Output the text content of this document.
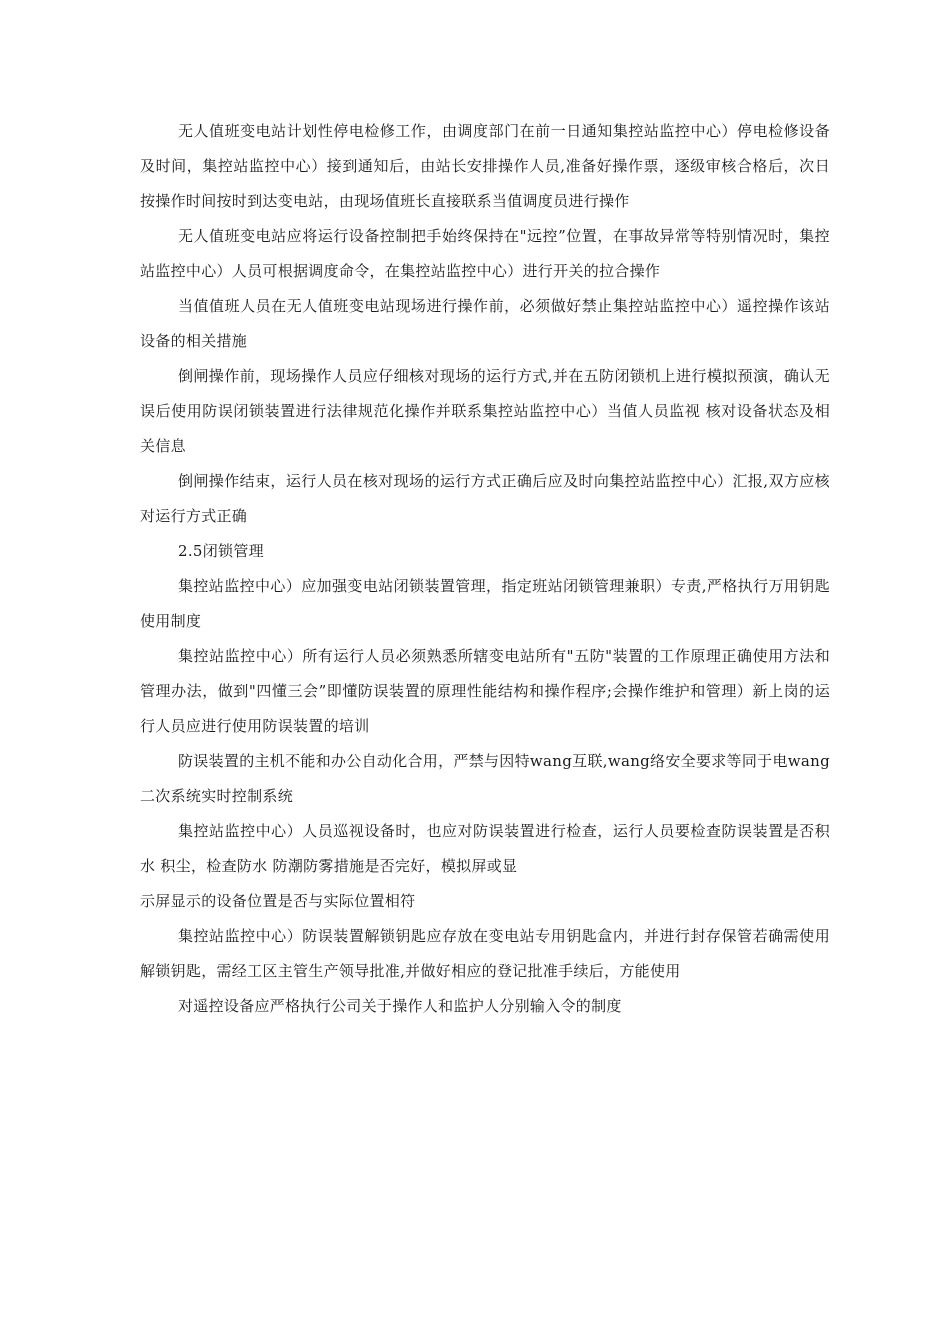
无人值班变电站计划性停电检修工作，由调度部门在前一日通知集控站监控中心）停电检修设备及时间，集控站监控中心）接到通知后，由站长安排操作人员,准备好操作票，逐级审核合格后，次日按操作时间按时到达变电站，由现场值班长直接联系当值调度员进行操作

无人值班变电站应将运行设备控制把手始终保持在"远控”位置，在事故异常等特别情况时，集控站监控中心）人员可根据调度命令，在集控站监控中心）进行开关的拉合操作

当值值班人员在无人值班变电站现场进行操作前，必须做好禁止集控站监控中心）遥控操作该站设备的相关措施

倒闸操作前，现场操作人员应仔细核对现场的运行方式,并在五防闭锁机上进行模拟预演，确认无误后使用防误闭锁装置进行法律规范化操作并联系集控站监控中心）当值人员监视 核对设备状态及相关信息

倒闸操作结束，运行人员在核对现场的运行方式正确后应及时向集控站监控中心）汇报,双方应核对运行方式正确

2.5闭锁管理

集控站监控中心）应加强变电站闭锁装置管理，指定班站闭锁管理兼职）专责,严格执行万用钥匙使用制度

集控站监控中心）所有运行人员必须熟悉所辖变电站所有"五防"装置的工作原理正确使用方法和管理办法，做到"四懂三会”即懂防误装置的原理性能结构和操作程序;会操作维护和管理）新上岗的运行人员应进行使用防误装置的培训

防误装置的主机不能和办公自动化合用，严禁与因特wang互联,wang络安全要求等同于电wang二次系统实时控制系统

集控站监控中心）人员巡视设备时，也应对防误装置进行检查，运行人员要检查防误装置是否积水 积尘，检查防水 防潮防雾措施是否完好，模拟屏或显

示屏显示的设备位置是否与实际位置相符

集控站监控中心）防误装置解锁钥匙应存放在变电站专用钥匙盒内，并进行封存保管若确需使用解锁钥匙，需经工区主管生产领导批准,并做好相应的登记批准手续后，方能使用

对遥控设备应严格执行公司关于操作人和监护人分别输入令的制度
